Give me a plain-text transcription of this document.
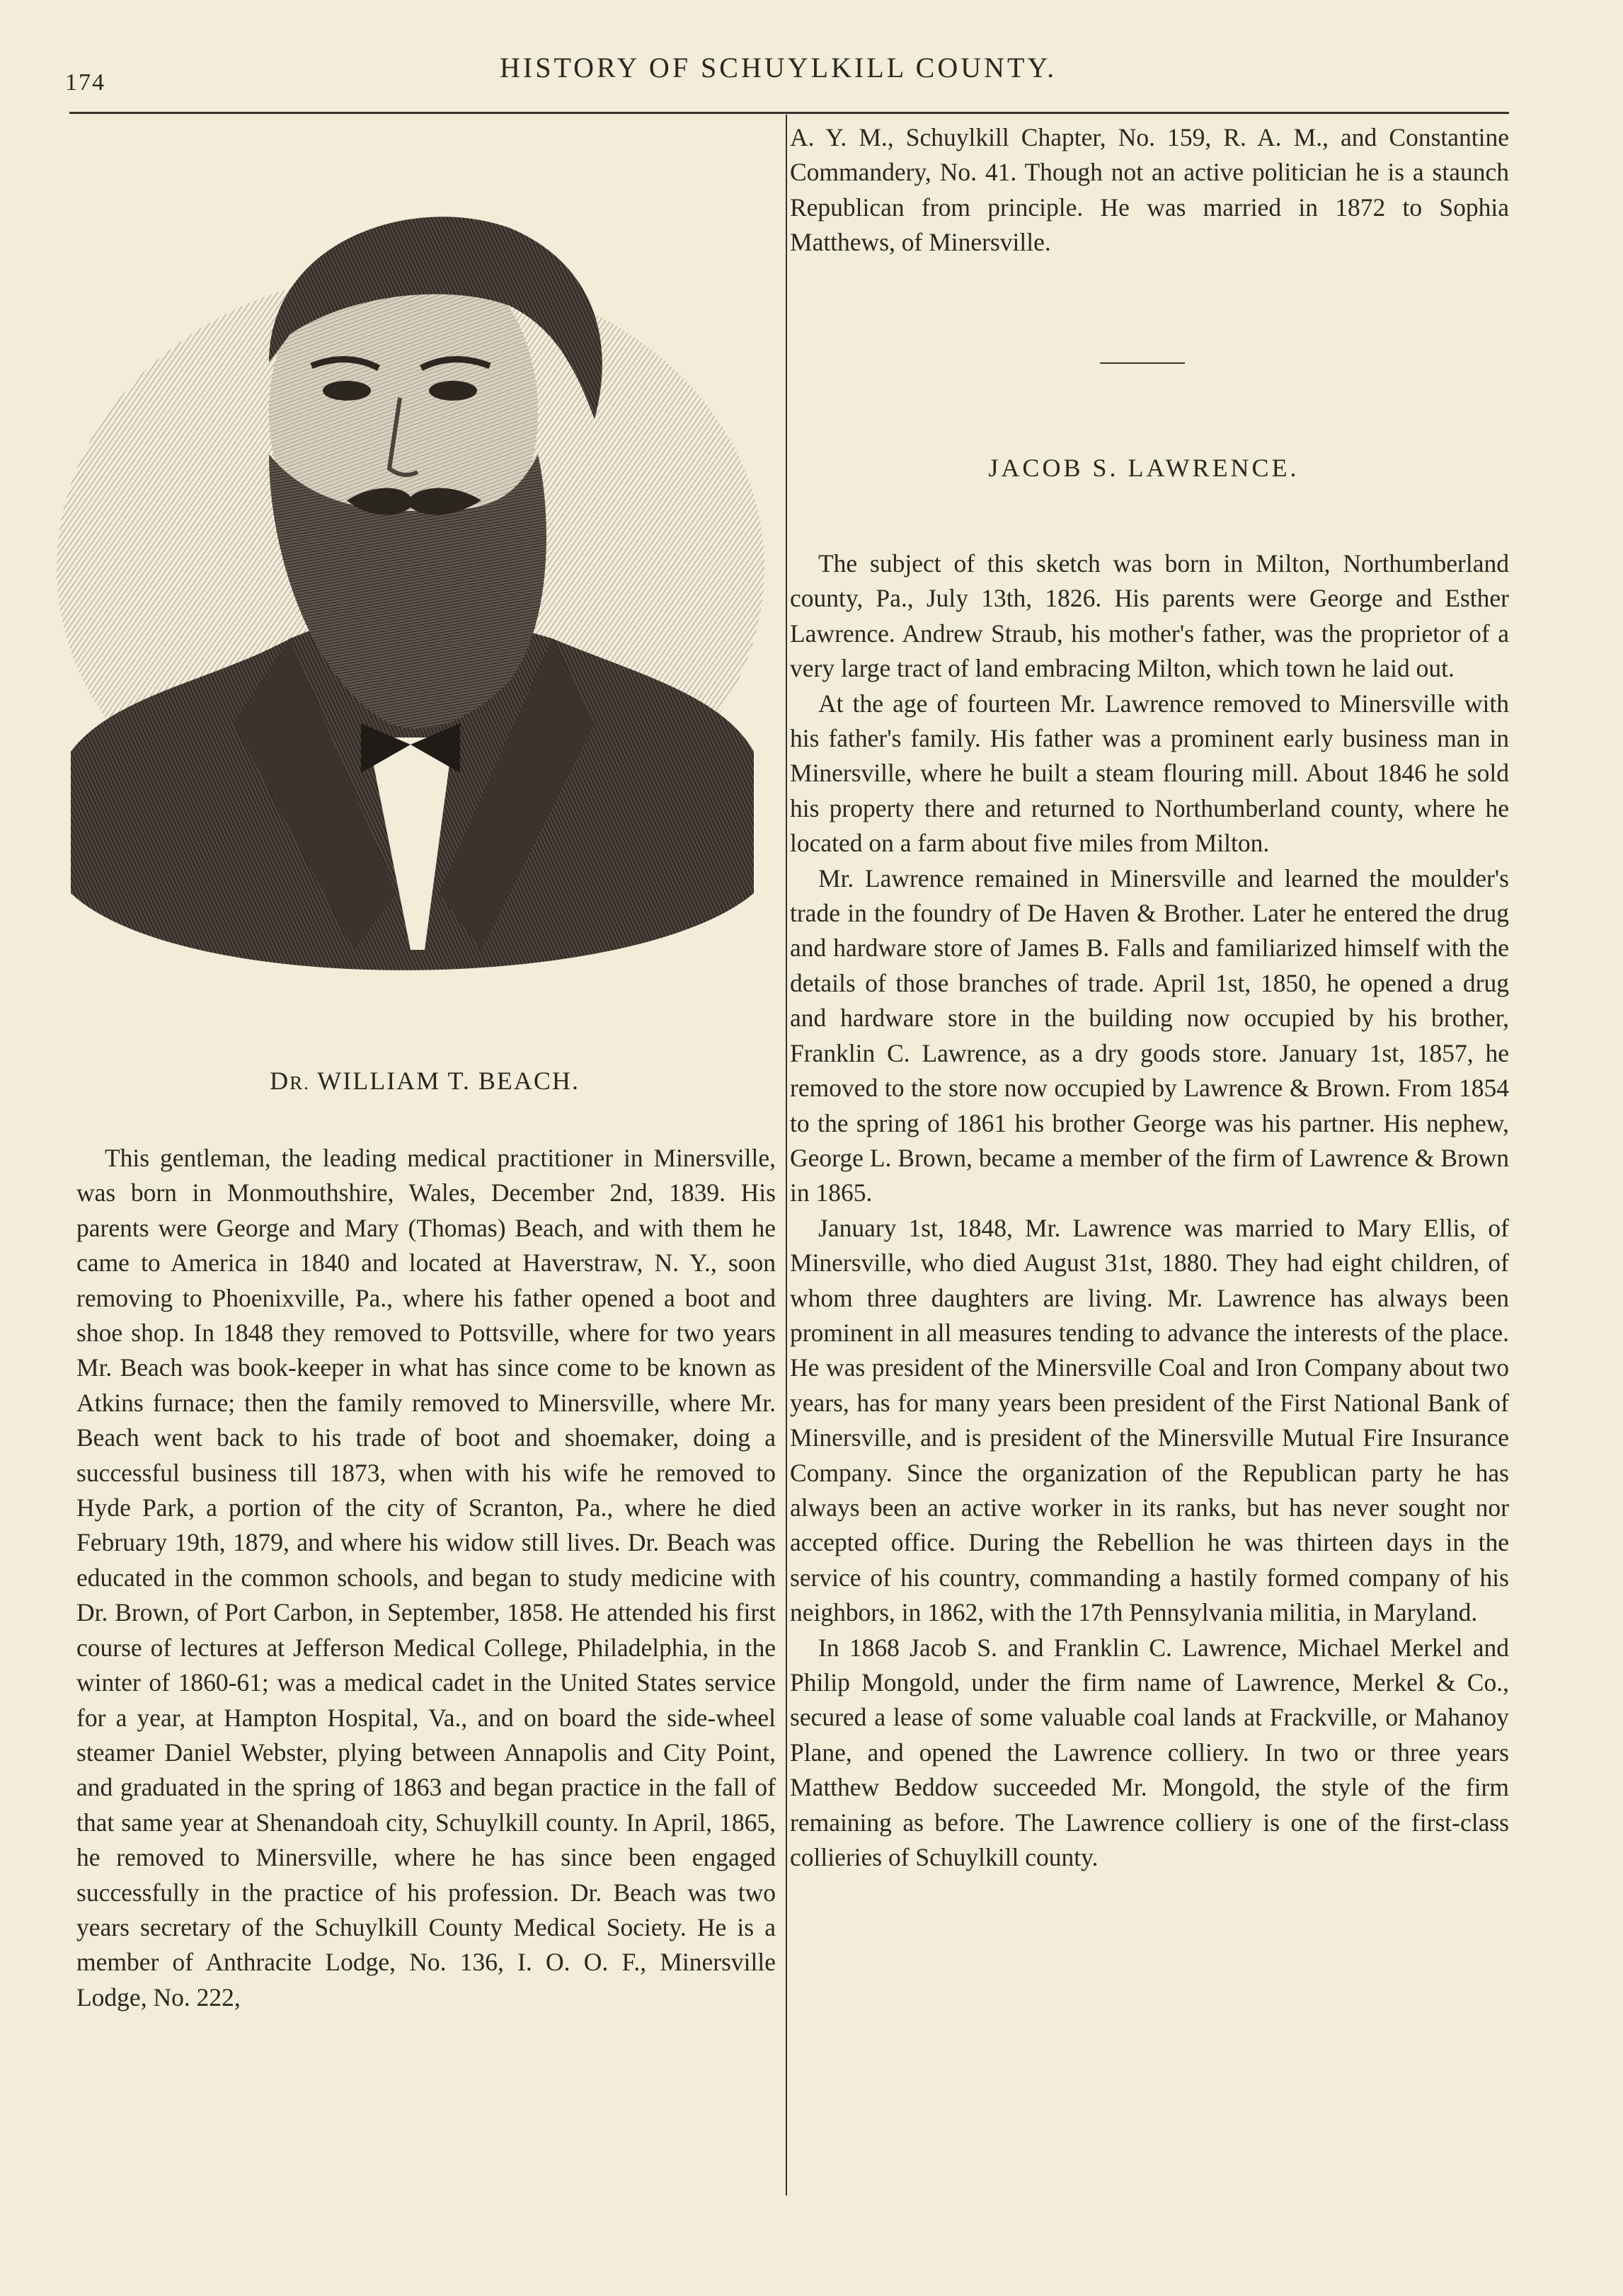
174	HISTORY OF SCHUYLKILL COUNTY.
DR. WILLIAM T. BEACH.

This gentleman, the leading medical practitioner in Minersville, was born in Monmouthshire, Wales, December 2nd, 1839. His parents were George and Mary (Thomas) Beach, and with them he came to America in 1840 and located at Haverstraw, N. Y., soon removing to Phoenixville, Pa., where his father opened a boot and shoe shop. In 1848 they removed to Pottsville, where for two years Mr. Beach was book-keeper in what has since come to be known as Atkins furnace; then the family removed to Minersville, where Mr. Beach went back to his trade of boot and shoemaker, doing a successful business till 1873, when with his wife he removed to Hyde Park, a portion of the city of Scranton, Pa., where he died February 19th, 1879, and where his widow still lives. Dr. Beach was educated in the common schools, and began to study medicine with Dr. Brown, of Port Carbon, in September, 1858. He attended his first course of lectures at Jefferson Medical College, Philadelphia, in the winter of 1860-61; was a medical cadet in the United States service for a year, at Hampton Hospital, Va., and on board the side-wheel steamer Daniel Webster, plying between Annapolis and City Point, and graduated in the spring of 1863 and began practice in the fall of that same year at Shenandoah city, Schuylkill county. In April, 1865, he removed to Minersville, where he has since been engaged successfully in the practice of his profession. Dr. Beach was two years secretary of the Schuylkill County Medical Society. He is a member of Anthracite Lodge, No. 136, I. O. O. F., Minersville Lodge, No. 222,

A. Y. M., Schuylkill Chapter, No. 159, R. A. M., and Constantine Commandery, No. 41. Though not an active politician he is a staunch Republican from principle. He was married in 1872 to Sophia Matthews, of Minersville.

JACOB S. LAWRENCE.

The subject of this sketch was born in Milton, Northumberland county, Pa., July 13th, 1826. His parents were George and Esther Lawrence. Andrew Straub, his mother's father, was the proprietor of a very large tract of land embracing Milton, which town he laid out.

At the age of fourteen Mr. Lawrence removed to Minersville with his father's family. His father was a prominent early business man in Minersville, where he built a steam flouring mill. About 1846 he sold his property there and returned to Northumberland county, where he located on a farm about five miles from Milton.

Mr. Lawrence remained in Minersville and learned the moulder's trade in the foundry of De Haven & Brother. Later he entered the drug and hardware store of James B. Falls and familiarized himself with the details of those branches of trade. April 1st, 1850, he opened a drug and hardware store in the building now occupied by his brother, Franklin C. Lawrence, as a dry goods store. January 1st, 1857, he removed to the store now occupied by Lawrence & Brown. From 1854 to the spring of 1861 his brother George was his partner. His nephew, George L. Brown, became a member of the firm of Lawrence & Brown in 1865.

January 1st, 1848, Mr. Lawrence was married to Mary Ellis, of Minersville, who died August 31st, 1880. They had eight children, of whom three daughters are living. Mr. Lawrence has always been prominent in all measures tending to advance the interests of the place. He was president of the Minersville Coal and Iron Company about two years, has for many years been president of the First National Bank of Minersville, and is president of the Minersville Mutual Fire Insurance Company. Since the organization of the Republican party he has always been an active worker in its ranks, but has never sought nor accepted office. During the Rebellion he was thirteen days in the service of his country, commanding a hastily formed company of his neighbors, in 1862, with the 17th Pennsylvania militia, in Maryland.

In 1868 Jacob S. and Franklin C. Lawrence, Michael Merkel and Philip Mongold, under the firm name of Lawrence, Merkel & Co., secured a lease of some valuable coal lands at Frackville, or Mahanoy Plane, and opened the Lawrence colliery. In two or three years Matthew Beddow succeeded Mr. Mongold, the style of the firm remaining as before. The Lawrence colliery is one of the first-class collieries of Schuylkill county.
